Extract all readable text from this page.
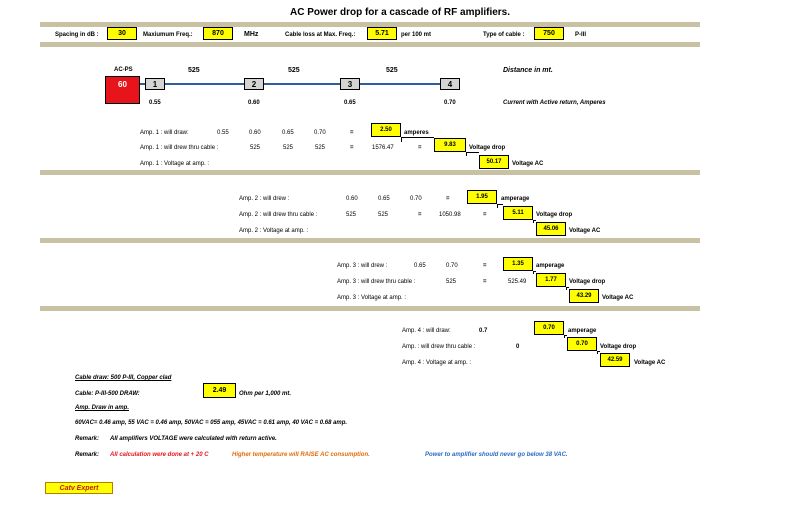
AC Power drop for a cascade of RF amplifiers.
Spacing in dB :	30	Maxiumum Freq.:	870	MHz	Cable loss at Max. Freq.:	5.71	per 100 mt	Type of cable :	750	P-III
AC-PS
60	1	2	3	4
525	525	525	Distance in mt.
0.55	0.60	0.65	0.70	Current with Active return, Amperes
Amp. 1 : will draw:	0.55	0.60	0.65	0.70	=	2.50	amperes
Amp. 1 : will drew thru cable :	525	525	525	=	1576.47	=	9.83	Voltage drop
Amp. 1 : Voltage at amp. :	50.17	Voltage AC
Amp. 2 : will drew :	0.60	0.65	0.70	=	1.95	amperage
Amp. 2 : will drew thru cable :	525	525	=	1050.98	=	5.11	Voltage drop
Amp. 2 : Voltage at amp. :	45.06	Voltage AC
Amp. 3 : will drew :	0.65	0.70	=	1.35	amperage
Amp. 3 : will drew thru cable :	525	=	525.49	1.77	Voltage drop
Amp. 3 : Voltage at amp. :	43.29	Voltage AC
Amp. 4 : will draw:	0.7	0.70	amperage
Amp. : will drew thru cable :	0	0.70	Voltage drop
Amp. 4 : Voltage at amp. :	42.59	Voltage AC
Cable draw: 500 P-III, Copper clad
Cable: P-III-500 DRAW:	2.49	Ohm per 1,000 mt.
Amp. Draw in amp.
60VAC= 0.46 amp, 55 VAC = 0.46 amp, 50VAC = 055 amp, 45VAC = 0.61 amp, 40 VAC = 0.68 amp.
Remark: All amplifiers VOLTAGE were calculated with return active.
Remark: All calculation were done at + 20 C	Higher temperature will RAISE AC consumption.	Power to amplifier should never go below 38 VAC.
Catv Expert
